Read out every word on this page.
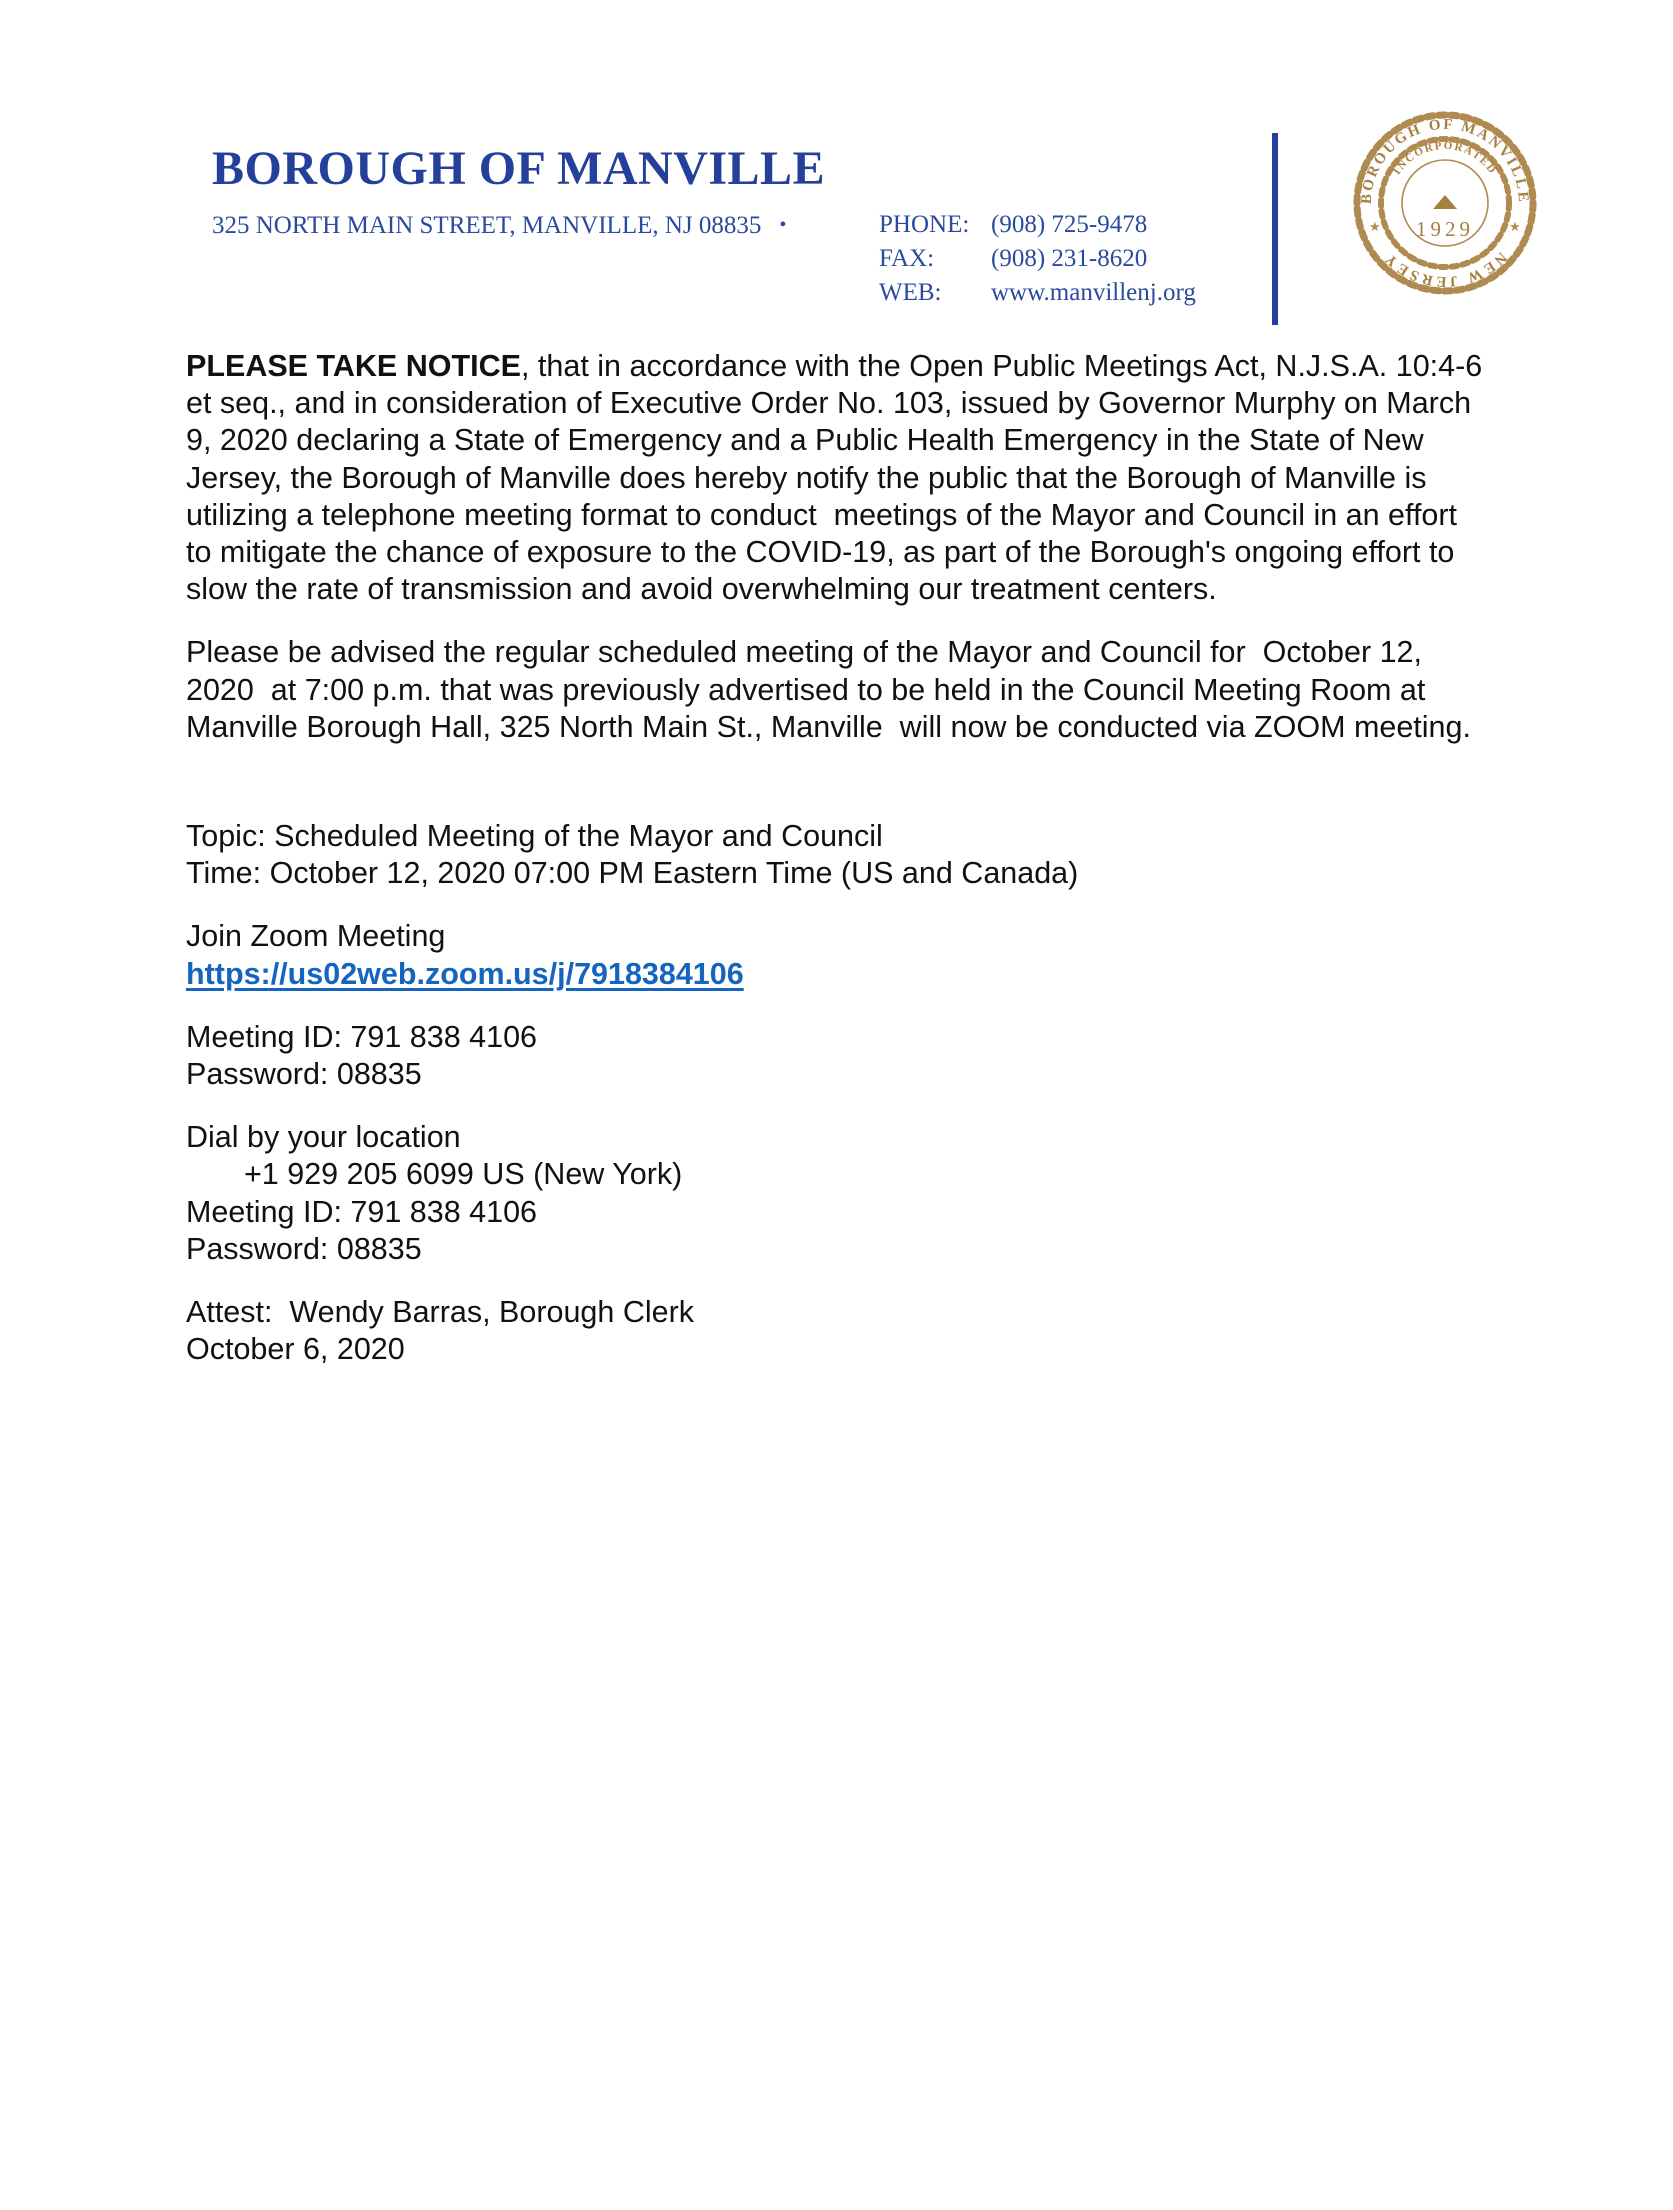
BOROUGH OF MANVILLE
325 NORTH MAIN STREET, MANVILLE, NJ 08835 •	PHONE: (908) 725-9478
FAX: (908) 231-8620
WEB: www.manvillenj.org
BOROUGH OF MANVILLE
NEW JERSEY
INCORPORATED
1929
★	★

PLEASE TAKE NOTICE, that in accordance with the Open Public Meetings Act, N.J.S.A. 10:4-6 et seq., and in consideration of Executive Order No. 103, issued by Governor Murphy on March 9, 2020 declaring a State of Emergency and a Public Health Emergency in the State of New Jersey, the Borough of Manville does hereby notify the public that the Borough of Manville is utilizing a telephone meeting format to conduct  meetings of the Mayor and Council in an effort to mitigate the chance of exposure to the COVID-19, as part of the Borough's ongoing effort to slow the rate of transmission and avoid overwhelming our treatment centers.

Please be advised the regular scheduled meeting of the Mayor and Council for  October 12, 2020  at 7:00 p.m. that was previously advertised to be held in the Council Meeting Room at Manville Borough Hall, 325 North Main St., Manville  will now be conducted via ZOOM meeting.

Topic: Scheduled Meeting of the Mayor and Council

Time: October 12, 2020 07:00 PM Eastern Time (US and Canada)

Join Zoom Meeting

https://us02web.zoom.us/j/7918384106

Meeting ID: 791 838 4106

Password: 08835

Dial by your location

+1 929 205 6099 US (New York)

Meeting ID: 791 838 4106

Password: 08835

Attest:  Wendy Barras, Borough Clerk

October 6, 2020
